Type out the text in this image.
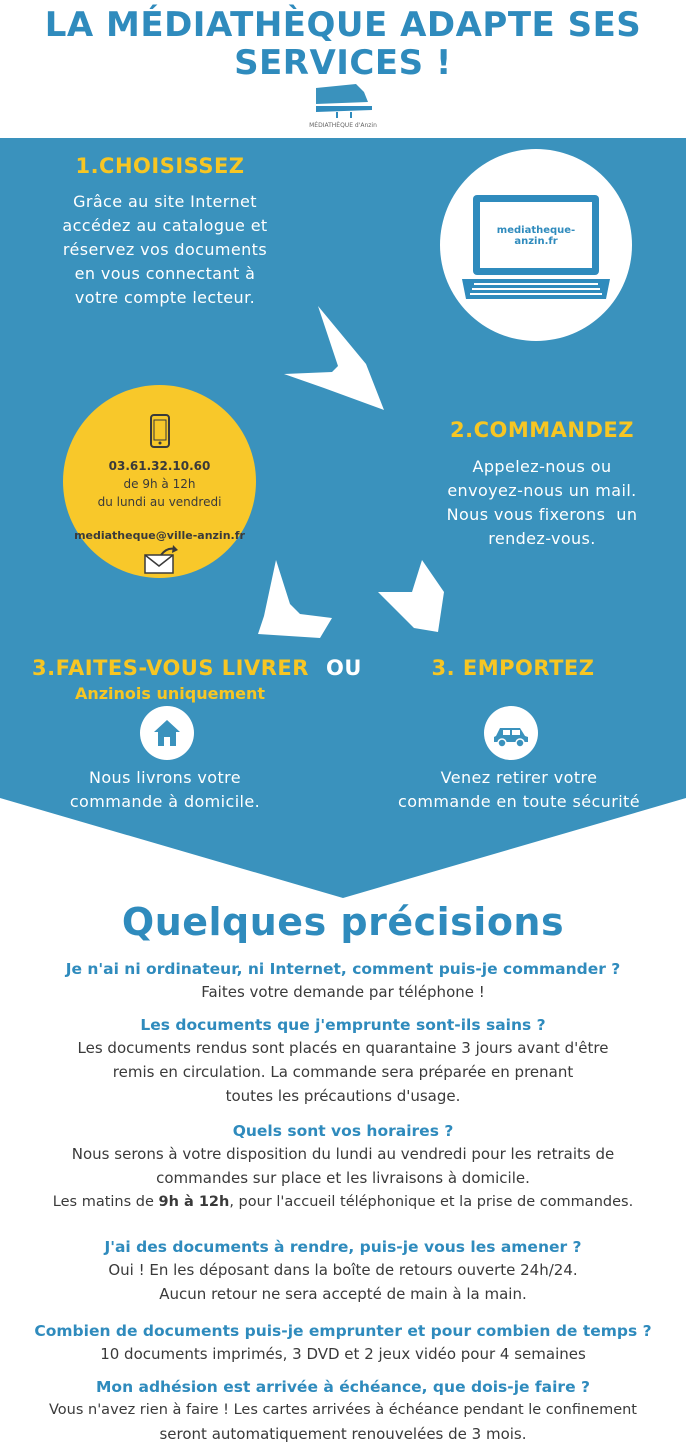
LA MÉDIATHÈQUE ADAPTE SES
SERVICES !
MÉDIATHÈQUE d'Anzin
1.CHOISISSEZ
Grâce au site Internet
accédez au catalogue et
réservez vos documents
en vous connectant à
votre compte lecteur.
mediatheque-anzin.fr
03.61.32.10.60
de 9h à 12h
du lundi au vendredi
mediatheque@ville-anzin.fr
2.COMMANDEZ
Appelez-nous ou
envoyez-nous un mail.
Nous vous fixerons  un
rendez-vous.
3.FAITES-VOUS LIVRER OU
Anzinois uniquement
Nous livrons votre
commande à domicile.
3. EMPORTEZ
Venez retirer votre
commande en toute sécurité
Quelques précisions
Je n'ai ni ordinateur, ni Internet, comment puis-je commander ?
Faites votre demande par téléphone !
Les documents que j'emprunte sont-ils sains ?
Les documents rendus sont placés en quarantaine 3 jours avant d'être
remis en circulation. La commande sera préparée en prenant
toutes les précautions d'usage.
Quels sont vos horaires ?
Nous serons à votre disposition du lundi au vendredi pour les retraits de
commandes sur place et les livraisons à domicile.
Les matins de 9h à 12h, pour l'accueil téléphonique et la prise de commandes.
J'ai des documents à rendre, puis-je vous les amener ?
Oui ! En les déposant dans la boîte de retours ouverte 24h/24.
Aucun retour ne sera accepté de main à la main.
Combien de documents puis-je emprunter et pour combien de temps ?
10 documents imprimés, 3 DVD et 2 jeux vidéo pour 4 semaines
Mon adhésion est arrivée à échéance, que dois-je faire ?
Vous n'avez rien à faire ! Les cartes arrivées à échéance pendant le confinement
seront automatiquement renouvelées de 3 mois.
